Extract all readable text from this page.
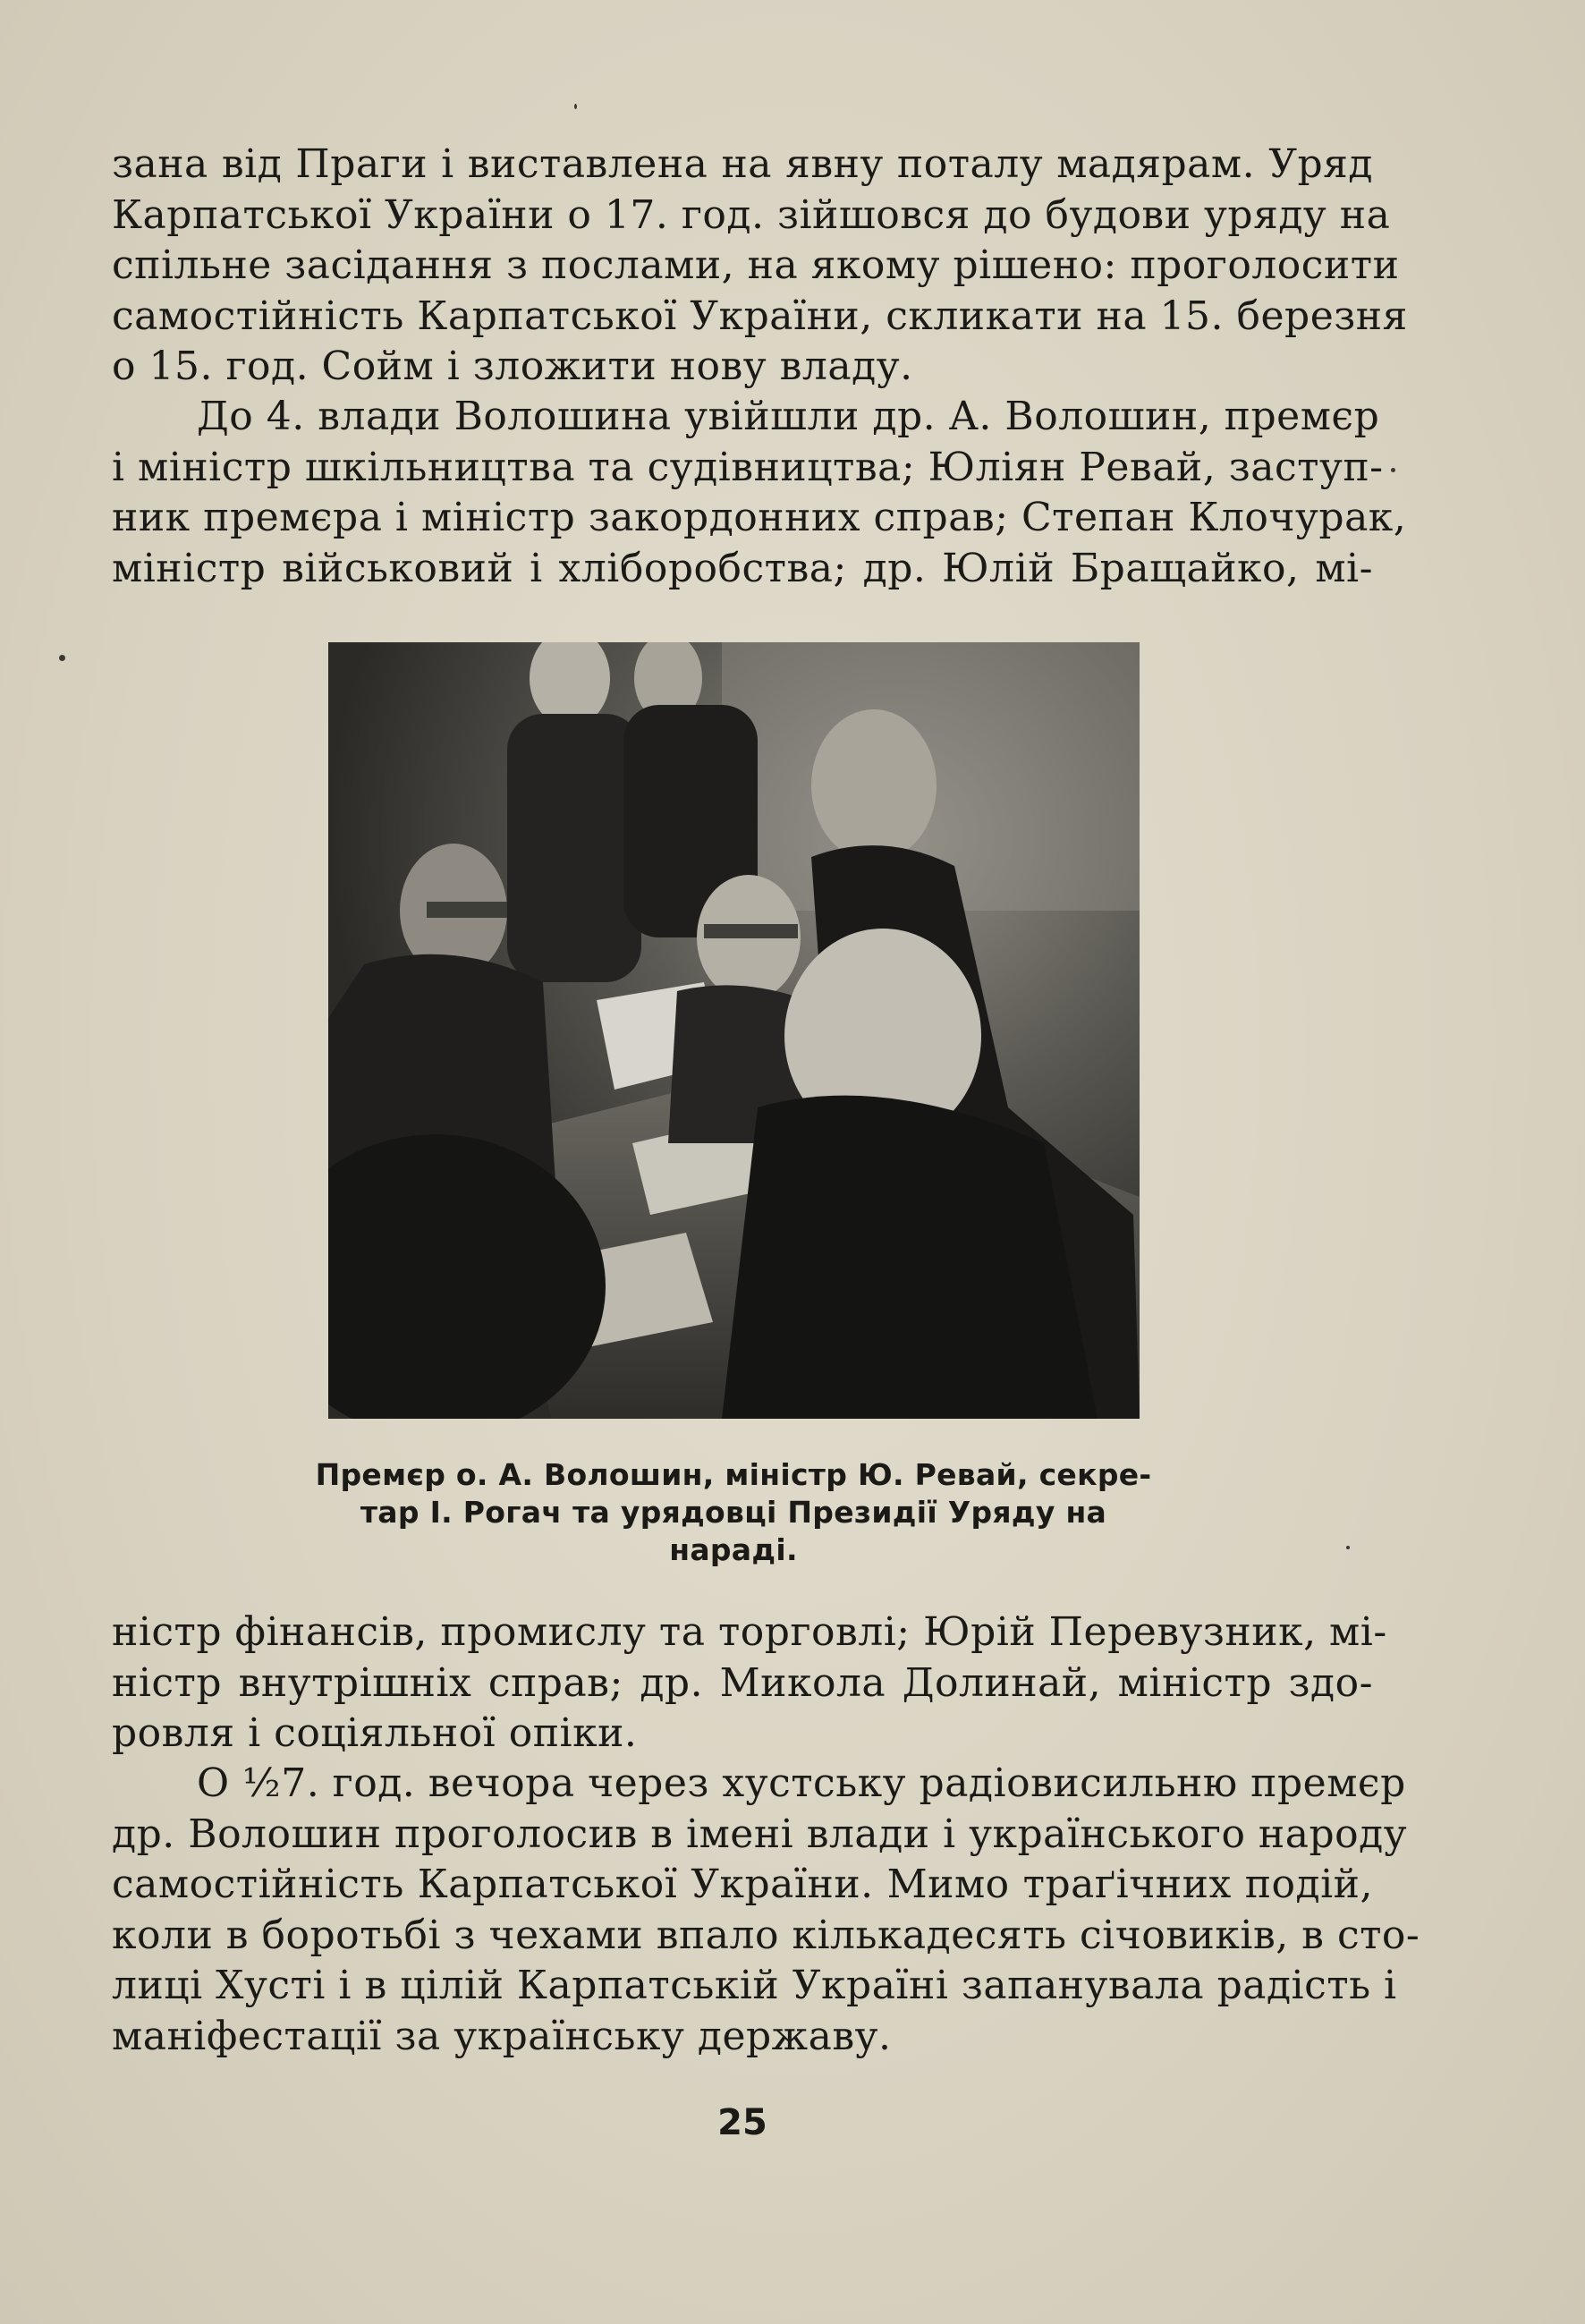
зана від Праги і виставлена на явну поталу мадярам. Уряд
Карпатської України о 17. год. зійшовся до будови уряду на
спільне засідання з послами, на якому рішено: проголосити
самостійність Карпатської України, скликати на 15. березня
о 15. год. Сойм і зложити нову владу.
До 4. влади Волошина увійшли др. А. Волошин, премєр
і міністр шкільництва та судівництва; Юліян Ревай, заступ-
ник премєра і міністр закордонних справ; Степан Клочурак,
міністр військовий і хліборобства; др. Юлій Бращайко, мі-
Премєр о. А. Волошин, міністр Ю. Ревай, секре-
тар І. Рогач та урядовці Президії Уряду на
нараді.
ністр фінансів, промислу та торговлі; Юрій Перевузник, мі-
ністр внутрішніх справ; др. Микола Долинай, міністр здо-
ровля і соціяльної опіки.
О ½7. год. вечора через хустську радіовисильню премєр
др. Волошин проголосив в імені влади і українського народу
самостійність Карпатської України. Мимо траґічних подій,
коли в боротьбі з чехами впало кількадесять січовиків, в сто-
лиці Хусті і в цілій Карпатській Україні запанувала радість і
маніфестації за українську державу.
25
